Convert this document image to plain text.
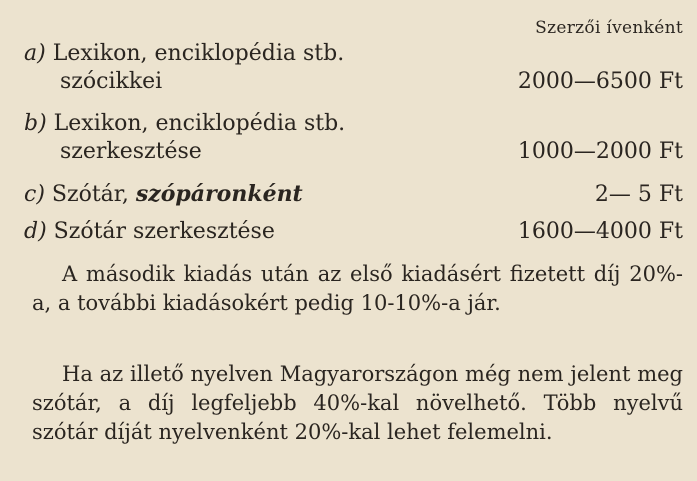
Szerzői ívenként
a) Lexikon, enciklopédia stb.
szócikkei	2000—6500 Ft
b) Lexikon, enciklopédia stb.
szerkesztése	1000—2000 Ft
c) Szótár, szópáronként	2— 5 Ft
d) Szótár szerkesztése	1600—4000 Ft
A második kiadás után az első kiadásért fizetett díj 20%-a, a további kiadásokért pedig 10-10%-a jár.
Ha az illető nyelven Magyarországon még nem jelent meg szótár, a díj legfeljebb 40%-kal növelhető. Több nyelvű szótár díját nyelvenként 20%-kal lehet felemelni.
